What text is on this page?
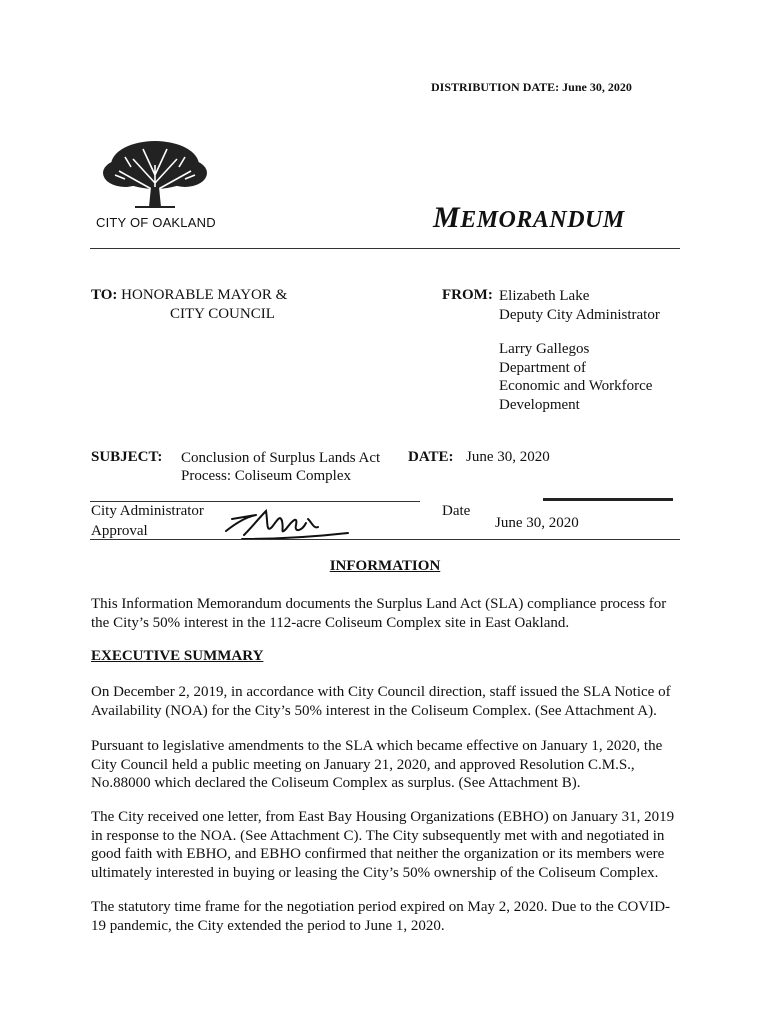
DISTRIBUTION DATE: June 30, 2020
CITY OF OAKLAND	MEMORANDUM
TO: HONORABLE MAYOR &
CITY COUNCIL
FROM: Elizabeth Lake
Deputy City Administrator
Larry Gallegos
Department of
Economic and Workforce
Development
SUBJECT: Conclusion of Surplus Lands Act
Process: Coliseum Complex
DATE: June 30, 2020
City Administrator
Approval
Date
June 30, 2020
INFORMATION
This Information Memorandum documents the Surplus Land Act (SLA) compliance process for
the City’s 50% interest in the 112-acre Coliseum Complex site in East Oakland.
EXECUTIVE SUMMARY
On December 2, 2019, in accordance with City Council direction, staff issued the SLA Notice of
Availability (NOA) for the City’s 50% interest in the Coliseum Complex. (See Attachment A).
Pursuant to legislative amendments to the SLA which became effective on January 1, 2020, the
City Council held a public meeting on January 21, 2020, and approved Resolution C.M.S.,
No.88000 which declared the Coliseum Complex as surplus. (See Attachment B).
The City received one letter, from East Bay Housing Organizations (EBHO) on January 31, 2019
in response to the NOA. (See Attachment C). The City subsequently met with and negotiated in
good faith with EBHO, and EBHO confirmed that neither the organization or its members were
ultimately interested in buying or leasing the City’s 50% ownership of the Coliseum Complex.
The statutory time frame for the negotiation period expired on May 2, 2020. Due to the COVID-
19 pandemic, the City extended the period to June 1, 2020.
